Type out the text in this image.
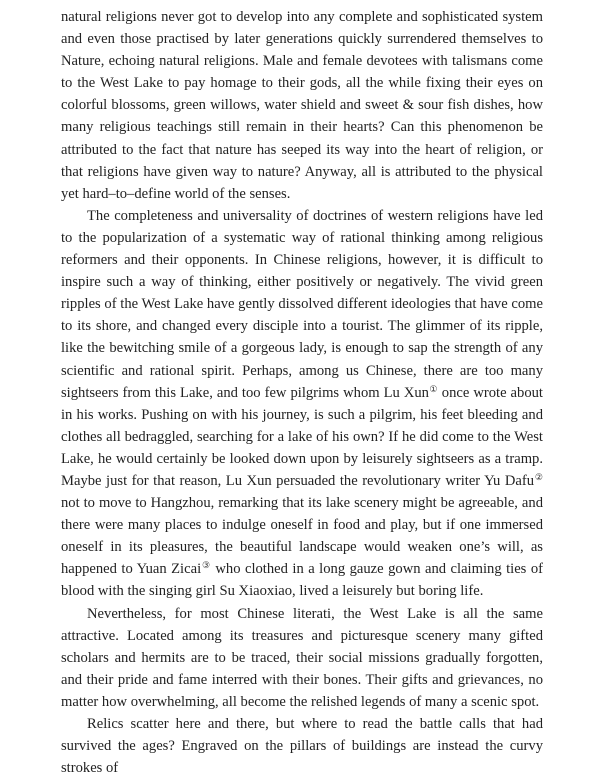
natural religions never got to develop into any complete and sophisticated system and even those practised by later generations quickly surrendered themselves to Nature, echoing natural religions. Male and female devotees with talismans come to the West Lake to pay homage to their gods, all the while fixing their eyes on colorful blossoms, green willows, water shield and sweet & sour fish dishes, how many religious teachings still remain in their hearts? Can this phenomenon be attributed to the fact that nature has seeped its way into the heart of religion, or that religions have given way to nature? Anyway, all is attributed to the physical yet hard–to–define world of the senses.

The completeness and universality of doctrines of western religions have led to the popularization of a systematic way of rational thinking among religious reformers and their opponents. In Chinese religions, however, it is difficult to inspire such a way of thinking, either positively or negatively. The vivid green ripples of the West Lake have gently dissolved different ideologies that have come to its shore, and changed every disciple into a tourist. The glimmer of its ripple, like the bewitching smile of a gorgeous lady, is enough to sap the strength of any scientific and rational spirit. Perhaps, among us Chinese, there are too many sightseers from this Lake, and too few pilgrims whom Lu Xun① once wrote about in his works. Pushing on with his journey, is such a pilgrim, his feet bleeding and clothes all bedraggled, searching for a lake of his own? If he did come to the West Lake, he would certainly be looked down upon by leisurely sightseers as a tramp. Maybe just for that reason, Lu Xun persuaded the revolutionary writer Yu Dafu② not to move to Hangzhou, remarking that its lake scenery might be agreeable, and there were many places to indulge oneself in food and play, but if one immersed oneself in its pleasures, the beautiful landscape would weaken one’s will, as happened to Yuan Zicai③ who clothed in a long gauze gown and claiming ties of blood with the singing girl Su Xiaoxiao, lived a leisurely but boring life.

Nevertheless, for most Chinese literati, the West Lake is all the same attractive. Located among its treasures and picturesque scenery many gifted scholars and hermits are to be traced, their social missions gradually forgotten, and their pride and fame interred with their bones. Their gifts and grievances, no matter how overwhelming, all become the relished legends of many a scenic spot.

Relics scatter here and there, but where to read the battle calls that had survived the ages? Engraved on the pillars of buildings are instead the curvy strokes of
